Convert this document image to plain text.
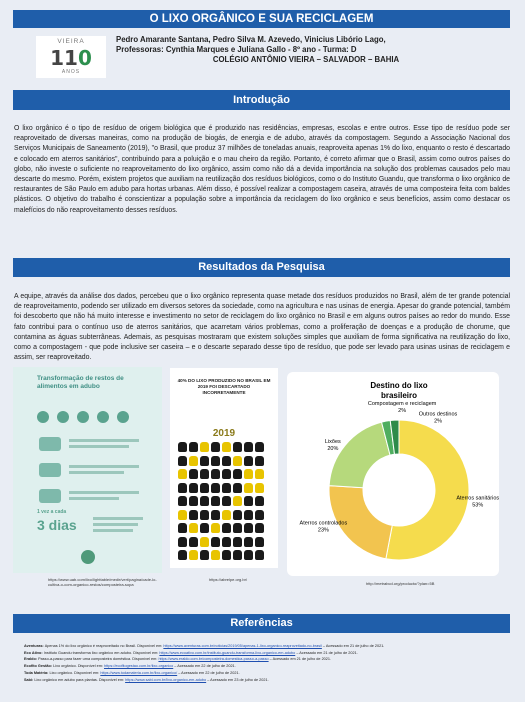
O LIXO ORGÂNICO E SUA RECICLAGEM
VIEIRA
110
ANOS
Pedro Amarante Santana, Pedro Silva M. Azevedo, Vinicius Libório Lago,
Professoras: Cynthia Marques e Juliana Gallo - 8º ano - Turma: D
COLÉGIO ANTÔNIO VIEIRA – SALVADOR – BAHIA
Introdução
O lixo orgânico é o tipo de resíduo de origem biológica que é produzido nas residências, empresas, escolas e entre outros. Esse tipo de resíduo pode ser reaproveitado de diversas maneiras, como na produção de biogás, de energia e de adubo, através da compostagem. Segundo a Associação Nacional dos Serviços Municipais de Saneamento (2019), "o Brasil, que produz 37 milhões de toneladas anuais, reaproveita apenas 1% do lixo, enquanto o resto é descartado e colocado em aterros sanitários", contribuindo para a poluição e o mau cheiro da região. Portanto, é correto afirmar que o Brasil, assim como outros países do globo, não investe o suficiente no reaproveitamento do lixo orgânico, assim como não dá a devida importância na solução dos problemas causados pelo mau descarte do mesmo. Porém, existem projetos que auxiliam na reutilização dos resíduos biológicos, como o do Instituto Guandu, que transforma o lixo orgânico de restaurantes de São Paulo em adubo para hortas urbanas. Além disso, é possível realizar a compostagem caseira, através de uma composteira feita com baldes plásticos. O objetivo do trabalho é conscientizar a população sobre a importância da reciclagem do lixo orgânico e seus benefícios, assim como destacar os malefícios do não reaproveitamento desses resíduos.
Resultados da Pesquisa
A equipe, através da análise dos dados, percebeu que o lixo orgânico representa quase metade dos resíduos produzidos no Brasil, além de ter grande potencial de reaproveitamento, podendo ser utilizado em diversos setores da sociedade, como na agricultura e nas usinas de energia. Apesar do grande potencial, também foi descoberto que não há muito interesse e investimento no setor de reciclagem do lixo orgânico no Brasil e em alguns outros países ao redor do mundo. Esse fato contribui para o contínuo uso de aterros sanitários, que acarretam vários problemas, como a proliferação de doenças e a produção de chorume, que contamina as águas subterrâneas. Ademais, as pesquisas mostraram que existem soluções simples que auxiliam de forma significativa na reutilização do lixo, como a compostagem - que pode inclusive ser caseira – e o descarte separado desse tipo de resíduo, que pode ser levado para usinas usinas de reciclagem e assim, ser reaproveitado.
Transformação de restos de alimentos em adubo
1 vez a cada
3 dias
40% DO LIXO PRODUZIDO NO BRASIL EM 2019 FOI DESCARTADO INCORRETAMENTE
2019
Destino do lixo
brasileiro
Aterros sanitários
53%
Aterros controlados
23%
Lixões
20%
Compostagem e reciclagem
2%
Outros destinos
2%
https://www.uab.com/lixo/lighttable/medir/vert/pagina/cade-lo-cultiva-o-com-organico-restos/composteira-sopa
https://abrelpe.org.br/
http://metrabcd.org/producto/?plan=5B
Referências
Aventuras: Apenas 1% do lixo orgânico é reaproveitado no Brasil. Disponível em: https://www.aventuras.com.br/noticias/2019/05/apenas-1-lixo-organico-reaproveitado-no-brasil – Acessado em 21 de julho de 2021.
Eco Ativo: Instituto Guandu transforma lixo orgânico em adubo. Disponível em: https://www.ecoativo.com.br/instituto-guandu-transforma-lixo-organico-em-adubo – Acessado em 21 de julho de 2021.
Eraldo: Passo-a-passo para fazer uma composteira doméstica. Disponível em: https://www.eraldo.com.br/composteira-domestica-passo-a-passo – Acessado em 21 de julho de 2021.
Ecofito Gestão: Lixo orgânico. Disponível em: https://ecofitogestao.com.br/lixo-organico – Acessado em 22 de julho de 2021.
Toda Matéria: Lixo orgânico. Disponível em: https://www.todamateria.com.br/lixo-organico/ – Acessado em 22 de julho de 2021.
Sabi: Lixo orgânico em adubo para plantas. Disponível em: https://www.sabi.com.br/lixo-organico-em-adubo – Acessado em 23 de julho de 2021.
